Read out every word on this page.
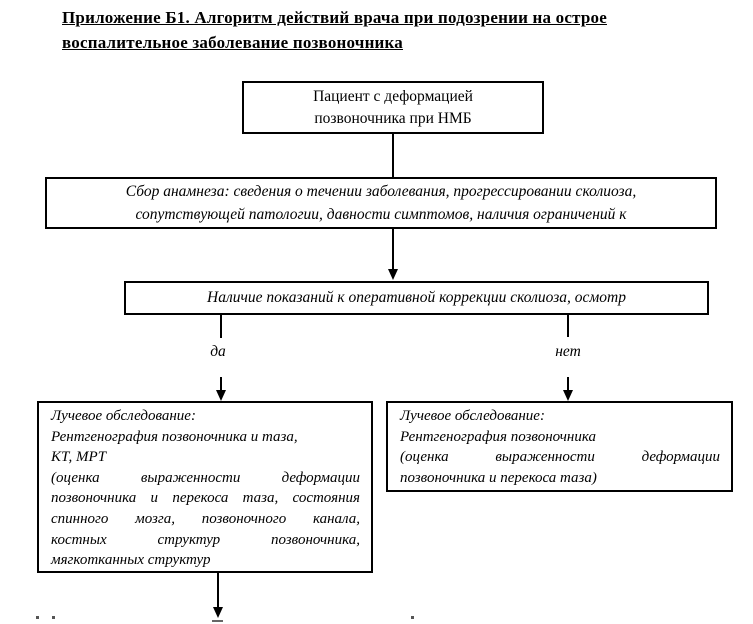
Приложение Б1. Алгоритм действий врача при подозрении на острое
воспалительное заболевание позвоночника
Пациент с деформацией
позвоночника при НМБ
Сбор анамнеза: сведения о течении заболевания, прогрессировании сколиоза,
сопутствующей патологии, давности симптомов, наличия ограничений к
Наличие показаний к оперативной коррекции сколиоза, осмотр
да	нет
Лучевое обследование:
Рентгенография позвоночника и таза,
КТ, МРТ
(оценка выраженности деформации
позвоночника и перекоса таза, состояния
спинного мозга, позвоночного канала,
костных структур позвоночника,
мягкотканных структур
Лучевое обследование:
Рентгенография позвоночника
(оценка выраженности деформации
позвоночника и перекоса таза)
